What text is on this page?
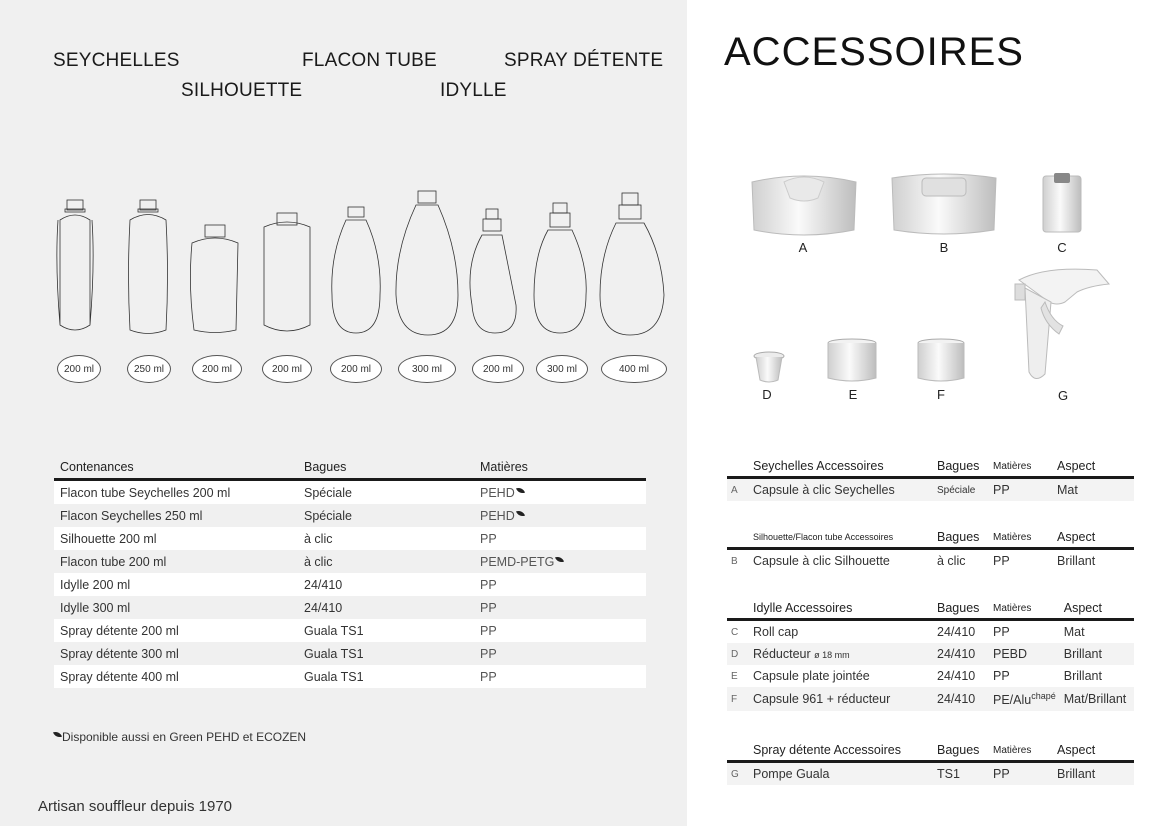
SEYCHELLES	FLACON TUBE	SPRAY DÉTENTE
SILHOUETTE	IDYLLE
200 ml	250 ml	200 ml	200 ml	200 ml	300 ml	200 ml	300 ml	400 ml
Contenances	Bagues	Matières
Flacon tube Seychelles 200 ml	Spéciale	PEHD
Flacon Seychelles 250 ml	Spéciale	PEHD
Silhouette 200 ml	à clic	PP
Flacon tube 200 ml	à clic	PEMD-PETG
Idylle 200 ml	24/410	PP
Idylle 300 ml	24/410	PP
Spray détente 200 ml	Guala TS1	PP
Spray détente 300 ml	Guala TS1	PP
Spray détente 400 ml	Guala TS1	PP
Disponible aussi en Green PEHD et ECOZEN
Artisan souffleur depuis 1970
ACCESSOIRES
A	B	C
D	E	F	G
	Seychelles Accessoires	Bagues	Matières	Aspect
A	Capsule à clic Seychelles	Spéciale	PP	Mat
	Silhouette/Flacon tube Accessoires	Bagues	Matières	Aspect
B	Capsule à clic Silhouette	à clic	PP	Brillant
	Idylle Accessoires	Bagues	Matières	Aspect
C	Roll cap	24/410	PP	Mat
D	Réducteur ø 18 mm	24/410	PEBD	Brillant
E	Capsule plate jointée	24/410	PP	Brillant
F	Capsule 961 + réducteur	24/410	PE/Alu$^{chapé}$	Mat/Brillant
	Spray détente Accessoires	Bagues	Matières	Aspect
G	Pompe Guala	TS1	PP	Brillant
